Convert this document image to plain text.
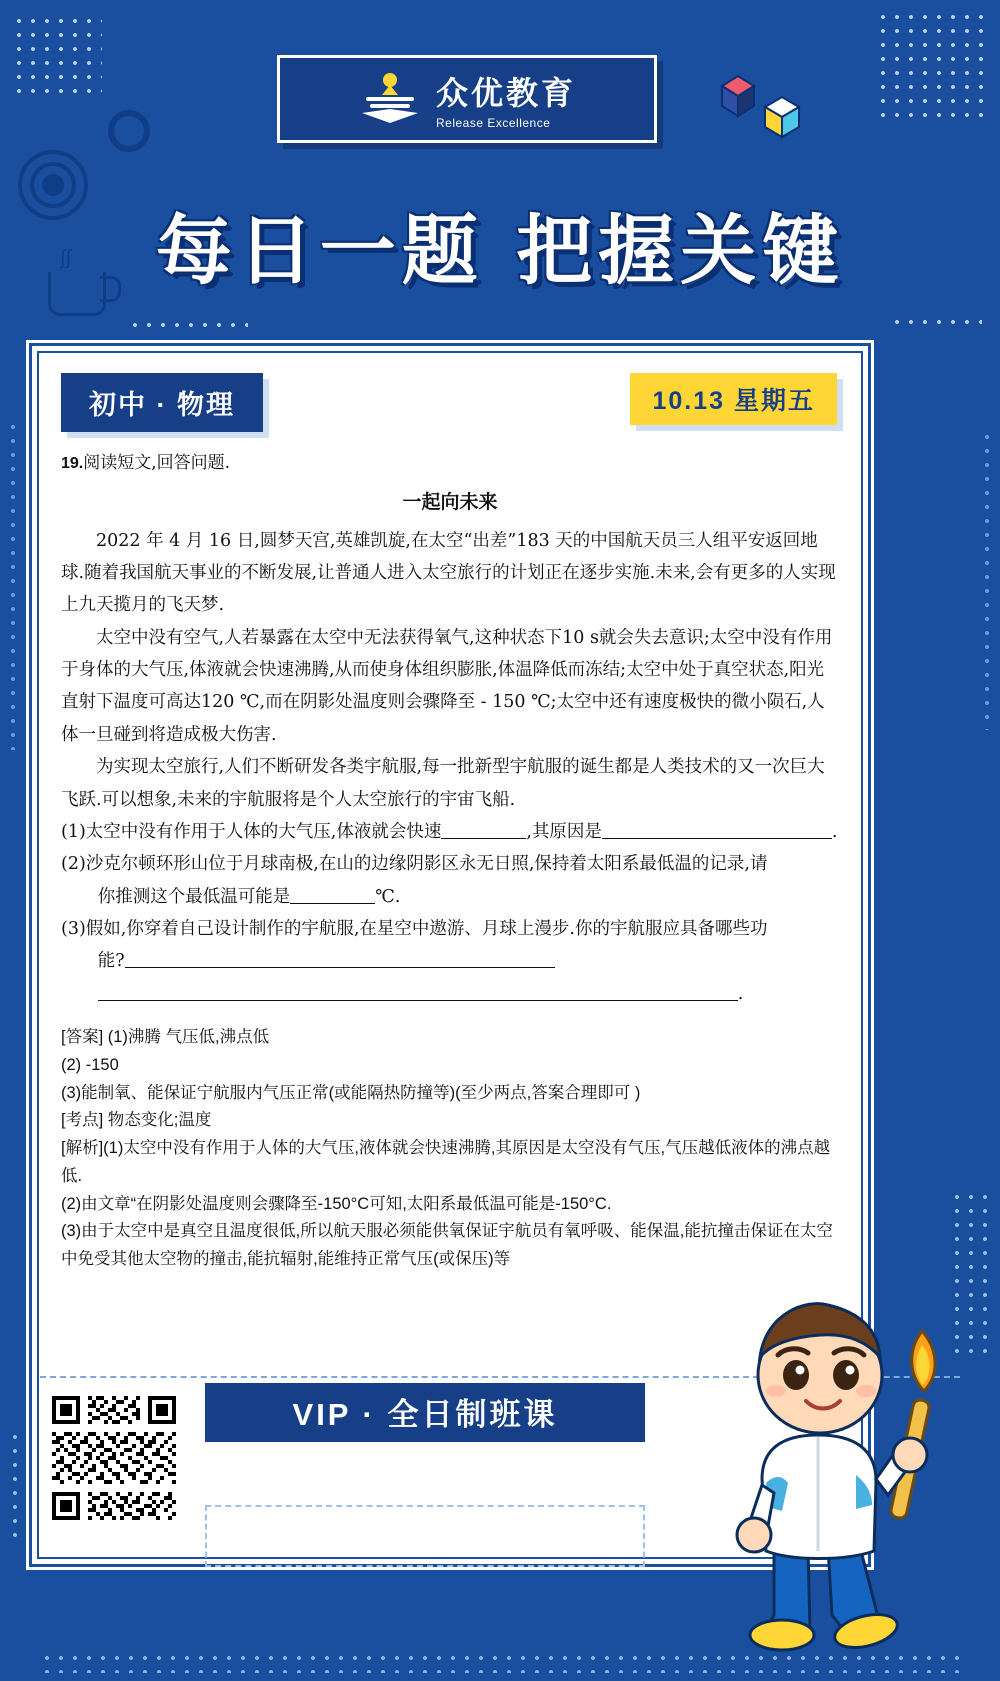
∫∫
众优教育
Release Excellence
每日一题 把握关键
初中 · 物理	10.13 星期五
19.阅读短文,回答问题.
一起向未来

2022 年 4 月 16 日,圆梦天宫,英雄凯旋,在太空“出差”183 天的中国航天员三人组平安返回地球.随着我国航天事业的不断发展,让普通人进入太空旅行的计划正在逐步实施.未来,会有更多的人实现上九天揽月的飞天梦.

太空中没有空气,人若暴露在太空中无法获得氧气,这种状态下10 s就会失去意识;太空中没有作用于身体的大气压,体液就会快速沸腾,从而使身体组织膨胀,体温降低而冻结;太空中处于真空状态,阳光直射下温度可高达120 ℃,而在阴影处温度则会骤降至 - 150 ℃;太空中还有速度极快的微小陨石,人体一旦碰到将造成极大伤害.

为实现太空旅行,人们不断研发各类宇航服,每一批新型宇航服的诞生都是人类技术的又一次巨大飞跃.可以想象,未来的宇航服将是个人太空旅行的宇宙飞船.

(1)太空中没有作用于人体的大气压,体液就会快速	,其原因是	.

(2)沙克尔顿环形山位于月球南极,在山的边缘阴影区永无日照,保持着太阳系最低温的记录,请

你推测这个最低温可能是	℃.

(3)假如,你穿着自己设计制作的宇航服,在星空中遨游、月球上漫步.你的宇航服应具备哪些功

能?

.

[答案] (1)沸腾 气压低,沸点低

(2) -150

(3)能制氧、能保证宁航服内气压正常(或能隔热防撞等)(至少两点,答案合理即可 )

[考点] 物态变化;温度

[解析](1)太空中没有作用于人体的大气压,液体就会快速沸腾,其原因是太空没有气压,气压越低液体的沸点越低.

(2)由文章“在阴影处温度则会骤降至-150°C可知,太阳系最低温可能是-150°C.

(3)由于太空中是真空且温度很低,所以航天服必须能供氧保证宇航员有氧呼吸、能保温,能抗撞击保证在太空中免受其他太空物的撞击,能抗辐射,能维持正常气压(或保压)等

VIP · 全日制班课
扫码预约免费试听
中考倒计时： 256天
